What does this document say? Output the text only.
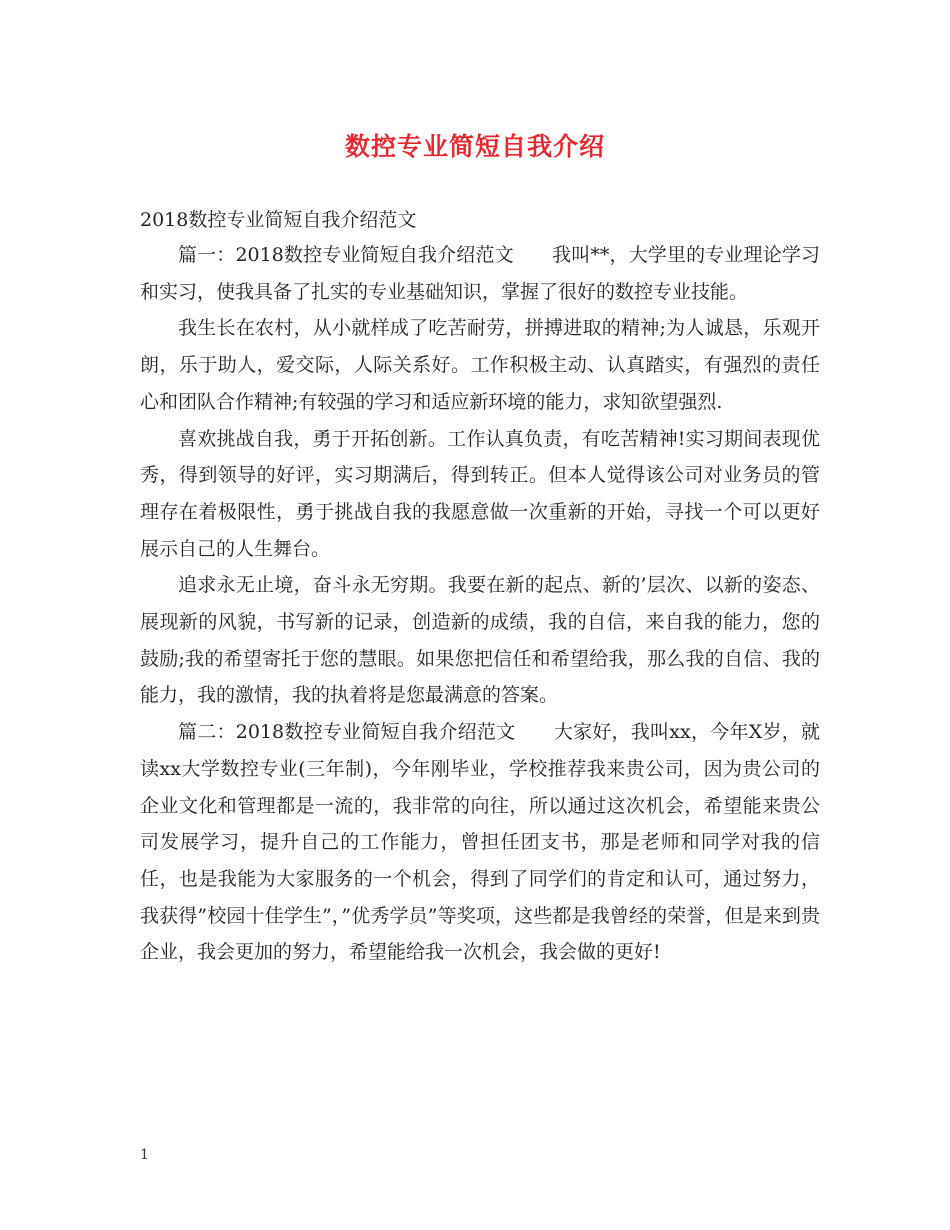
数控专业简短自我介绍
2018数控专业简短自我介绍范文

篇一：2018数控专业简短自我介绍范文　　我叫**，大学里的专业理论学习和实习，使我具备了扎实的专业基础知识，掌握了很好的数控专业技能。

我生长在农村，从小就样成了吃苦耐劳，拼搏进取的精神;为人诚恳，乐观开朗，乐于助人，爱交际，人际关系好。工作积极主动、认真踏实，有强烈的责任心和团队合作精神;有较强的学习和适应新环境的能力，求知欲望强烈.

喜欢挑战自我，勇于开拓创新。工作认真负责，有吃苦精神!实习期间表现优秀，得到领导的好评，实习期满后，得到转正。但本人觉得该公司对业务员的管理存在着极限性，勇于挑战自我的我愿意做一次重新的开始，寻找一个可以更好展示自己的人生舞台。

追求永无止境，奋斗永无穷期。我要在新的起点、新的’层次、以新的姿态、展现新的风貌，书写新的记录，创造新的成绩，我的自信，来自我的能力，您的鼓励;我的希望寄托于您的慧眼。如果您把信任和希望给我，那么我的自信、我的能力，我的激情，我的执着将是您最满意的答案。

篇二：2018数控专业简短自我介绍范文　　大家好，我叫xx，今年X岁，就读xx大学数控专业(三年制)，今年刚毕业，学校推荐我来贵公司，因为贵公司的企业文化和管理都是一流的，我非常的向往，所以通过这次机会，希望能来贵公司发展学习，提升自己的工作能力，曾担任团支书，那是老师和同学对我的信任，也是我能为大家服务的一个机会，得到了同学们的肯定和认可，通过努力，我获得”校园十佳学生”，”优秀学员”等奖项，这些都是我曾经的荣誉，但是来到贵企业，我会更加的努力，希望能给我一次机会，我会做的更好!

1
